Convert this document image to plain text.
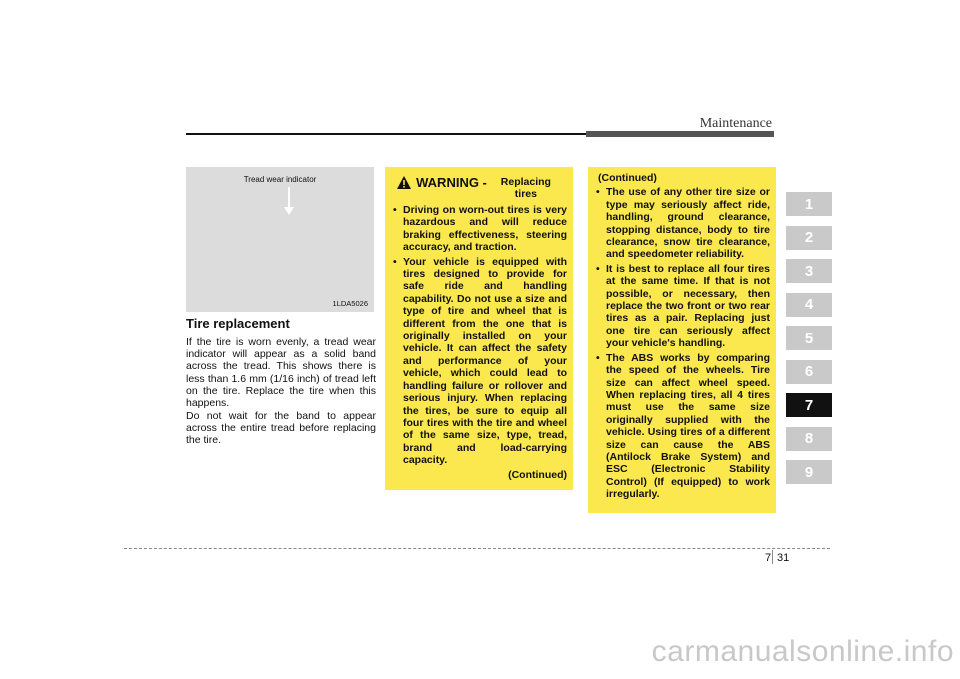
Maintenance
1
2
3
4
5
6
7
8
9
Tread wear indicator
1LDA5026
Tire replacement
If the tire is worn evenly, a tread wear indicator will appear as a solid band across the tread. This shows there is less than 1.6 mm (1/16 inch) of tread left on the tire. Replace the tire when this happens.
Do not wait for the band to appear across the entire tread before replacing the tire.
WARNING -	Replacing tires
• Driving on worn-out tires is very hazardous and will reduce braking effectiveness, steering accuracy, and traction.
• Your vehicle is equipped with tires designed to provide for safe ride and handling capability. Do not use a size and type of tire and wheel that is different from the one that is originally installed on your vehicle. It can affect the safety and performance of your vehicle, which could lead to handling failure or rollover and serious injury. When replacing the tires, be sure to equip all four tires with the tire and wheel of the same size, type, tread, brand and load-carrying capacity.
(Continued)
(Continued)
• The use of any other tire size or type may seriously affect ride, handling, ground clearance, stopping distance, body to tire clearance, snow tire clearance, and speedometer reliability.
• It is best to replace all four tires at the same time. If that is not possible, or necessary, then replace the two front or two rear tires as a pair. Replacing just one tire can seriously affect your vehicle's handling.
• The ABS works by comparing the speed of the wheels. Tire size can affect wheel speed. When replacing tires, all 4 tires must use the same size originally supplied with the vehicle. Using tires of a different size can cause the ABS (Antilock Brake System) and ESC (Electronic Stability Control) (If equipped) to work irregularly.
7 31
carmanualsonline.info
